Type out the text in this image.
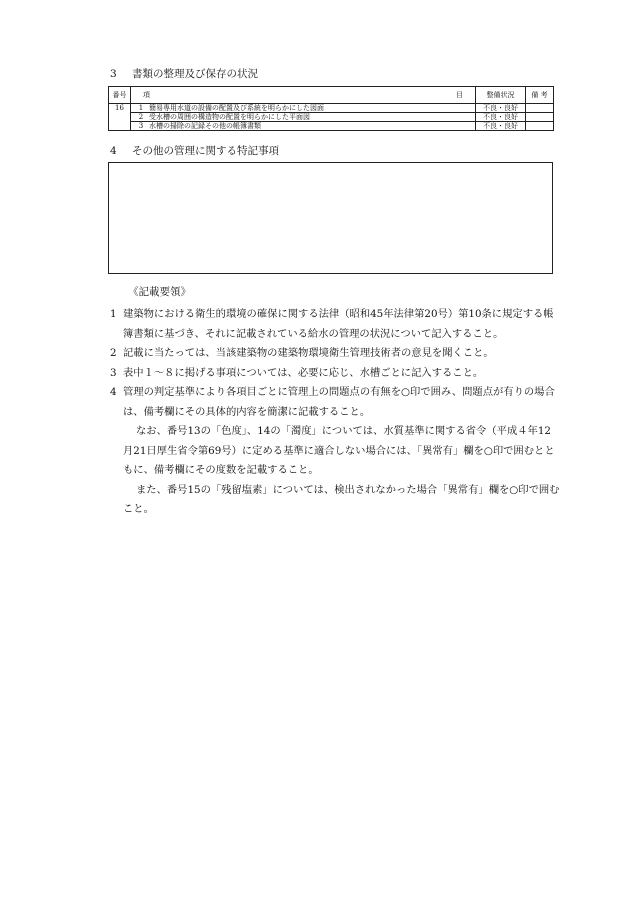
3 書類の整理及び保存の状況
番号	項 目	整備状況	備 考
16	1 簡易専用水道の設備の配置及び系統を明らかにした図面	不良・良好	
	2 受水槽の周囲の構造物の配置を明らかにした平面図	不良・良好	
	3 水槽の掃除の記録その他の帳簿書類	不良・良好	
4 その他の管理に関する特記事項
《記載要領》
1 建築物における衛生的環境の確保に関する法律（昭和45年法律第20号）第10条に規定する帳簿書類に基づき、それに記載されている給水の管理の状況について記入すること。
2 記載に当たっては、当該建築物の建築物環境衛生管理技術者の意見を聞くこと。
3 表中１～８に掲げる事項については、必要に応じ、水槽ごとに記入すること。
4 管理の判定基準により各項目ごとに管理上の問題点の有無を○印で囲み、問題点が有りの場合は、備考欄にその具体的内容を簡潔に記載すること。
なお、番号13の「色度」、14の「濁度」については、水質基準に関する省令（平成４年12月21日厚生省令第69号）に定める基準に適合しない場合には、「異常有」欄を○印で囲むとともに、備考欄にその度数を記載すること。
また、番号15の「残留塩素」については、検出されなかった場合「異常有」欄を○印で囲むこと。
